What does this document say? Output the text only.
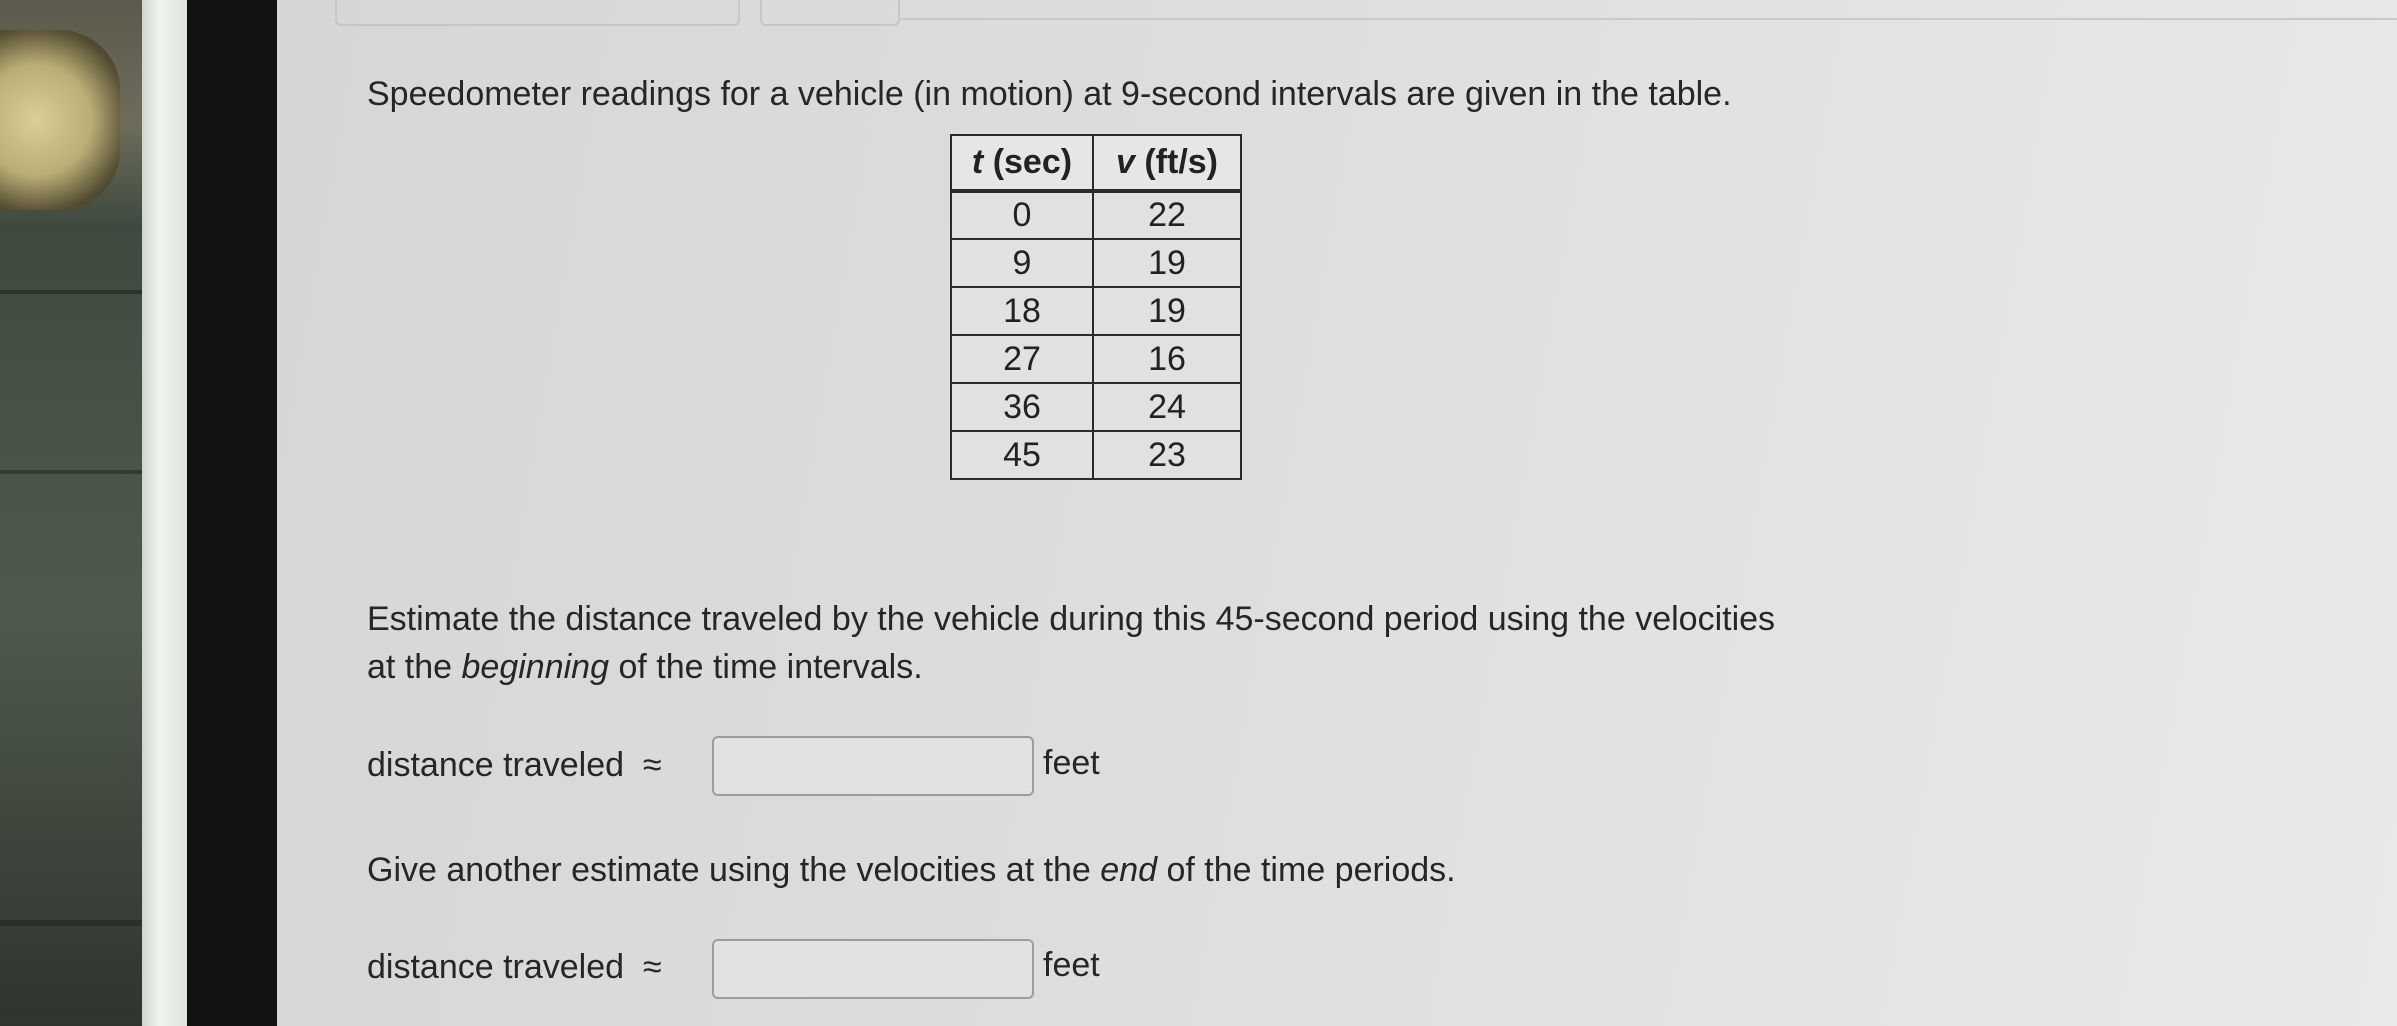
Speedometer readings for a vehicle (in motion) at 9-second intervals are given in the table.
t (sec)	v (ft/s)
0	22
9	19
18	19
27	16
36	24
45	23
Estimate the distance traveled by the vehicle during this 45-second period using the velocities
at the beginning of the time intervals.
distance traveled  ≈	feet
Give another estimate using the velocities at the end of the time periods.
distance traveled  ≈	feet
